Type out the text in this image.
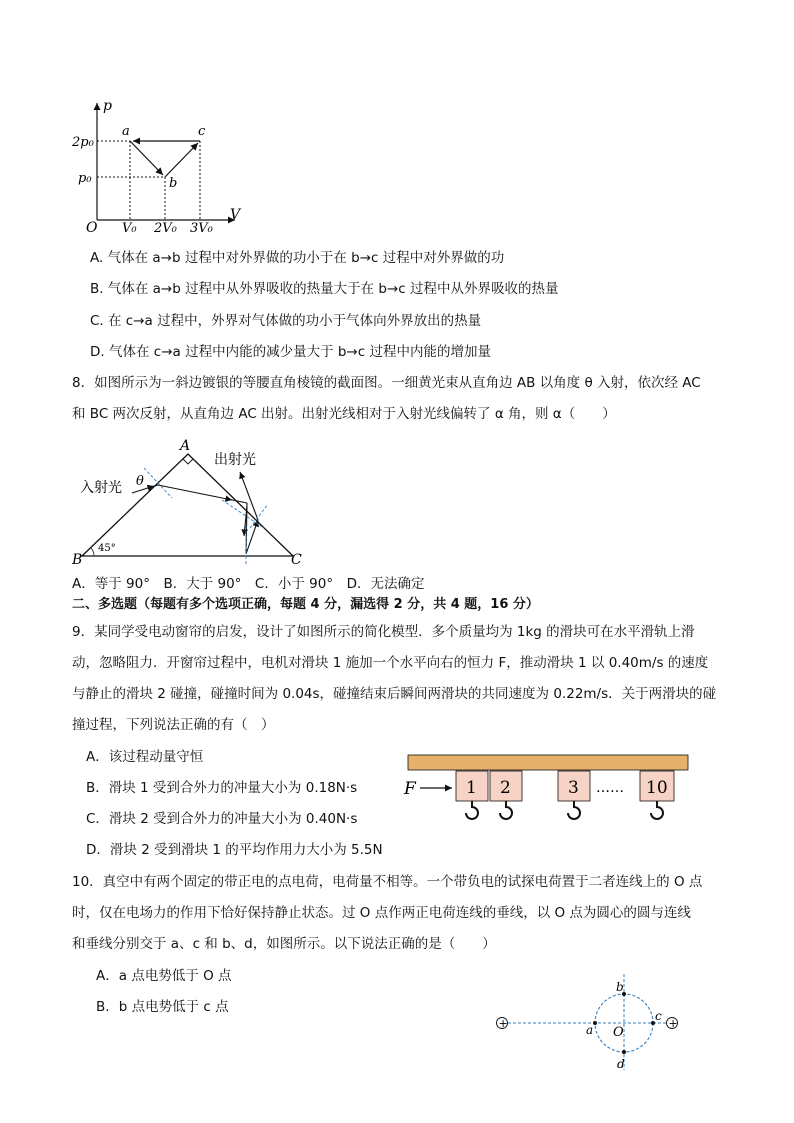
p
V
O
a
b
c
2p₀
p₀
V₀ 2V₀ 3V₀
A. 气体在 a→b 过程中对外界做的功小于在 b→c 过程中对外界做的功
B. 气体在 a→b 过程中从外界吸收的热量大于在 b→c 过程中从外界吸收的热量
C. 在 c→a 过程中，外界对气体做的功小于气体向外界放出的热量
D. 气体在 c→a 过程中内能的减少量大于 b→c 过程中内能的增加量
8．如图所示为一斜边镀银的等腰直角棱镜的截面图。一细黄光束从直角边 AB 以角度 θ 入射，依次经 AC
和 BC 两次反射，从直角边 AC 出射。出射光线相对于入射光线偏转了 α 角，则 α（　　）
A
B	C
45°
θ
入射光
出射光
A．等于 90°　B．大于 90°　C．小于 90°　D．无法确定
二、多选题（每题有多个选项正确，每题 4 分，漏选得 2 分，共 4 题，16 分）
9．某同学受电动窗帘的启发，设计了如图所示的简化模型．多个质量均为 1kg 的滑块可在水平滑轨上滑
动，忽略阻力．开窗帘过程中，电机对滑块 1 施加一个水平向右的恒力 F，推动滑块 1 以 0.40m/s 的速度
与静止的滑块 2 碰撞，碰撞时间为 0.04s，碰撞结束后瞬间两滑块的共同速度为 0.22m/s．关于两滑块的碰
撞过程，下列说法正确的有（　）
A．该过程动量守恒
B．滑块 1 受到合外力的冲量大小为 0.18N·s
C．滑块 2 受到合外力的冲量大小为 0.40N·s
D．滑块 2 受到滑块 1 的平均作用力大小为 5.5N
F	1 2	3 …… 10
10．真空中有两个固定的带正电的点电荷，电荷量不相等。一个带负电的试探电荷置于二者连线上的 O 点
时，仅在电场力的作用下恰好保持静止状态。过 O 点作两正电荷连线的垂线，以 O 点为圆心的圆与连线
和垂线分别交于 a、c 和 b、d，如图所示。以下说法正确的是（　　）
A．a 点电势低于 O 点
B．b 点电势低于 c 点
+	+
a
b
c
d
O
